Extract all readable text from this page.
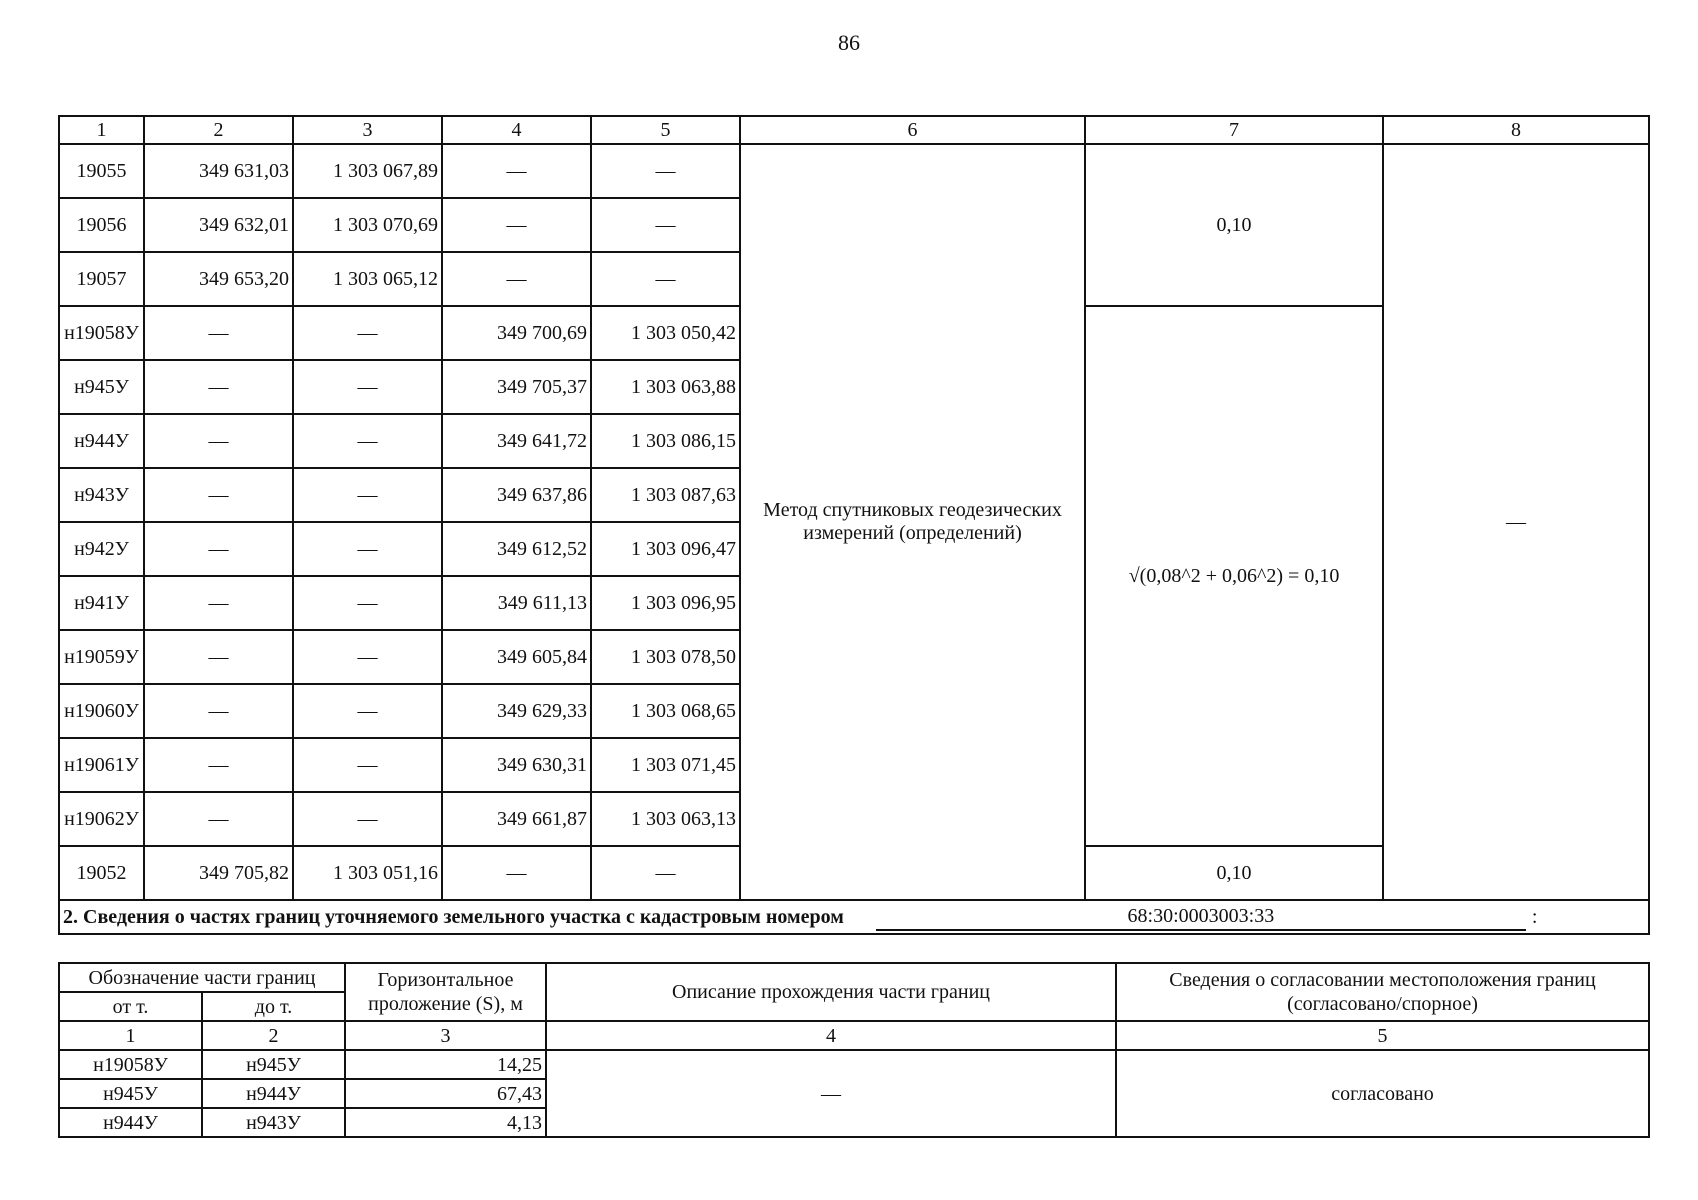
86
1	2	3	4	5	6	7	8
19055	349 631,03	1 303 067,89	—	—	Метод спутниковых геодезических измерений (определений)	0,10	—
19056	349 632,01	1 303 070,69	—	—			
19057	349 653,20	1 303 065,12	—	—			
н19058У	—	—	349 700,69	1 303 050,42		√(0,08^2 + 0,06^2) = 0,10	
н945У	—	—	349 705,37	1 303 063,88			
н944У	—	—	349 641,72	1 303 086,15			
н943У	—	—	349 637,86	1 303 087,63			
н942У	—	—	349 612,52	1 303 096,47			
н941У	—	—	349 611,13	1 303 096,95			
н19059У	—	—	349 605,84	1 303 078,50			
н19060У	—	—	349 629,33	1 303 068,65			
н19061У	—	—	349 630,31	1 303 071,45			
н19062У	—	—	349 661,87	1 303 063,13			
19052	349 705,82	1 303 051,16	—	—		0,10	

2. Сведения о частях границ уточняемого земельного участка с кадастровым номером 68:30:0003003:33 :							
Обозначение части границ		Горизонтальное проложение (S), м	Описание прохождения части границ	Сведения о согласовании местоположения границ (согласовано/спорное)
от т.	до т.			
1	2	3	4	5
н19058У	н945У	14,25	—	согласовано
н945У	н944У	67,43		
н944У	н943У	4,13		
